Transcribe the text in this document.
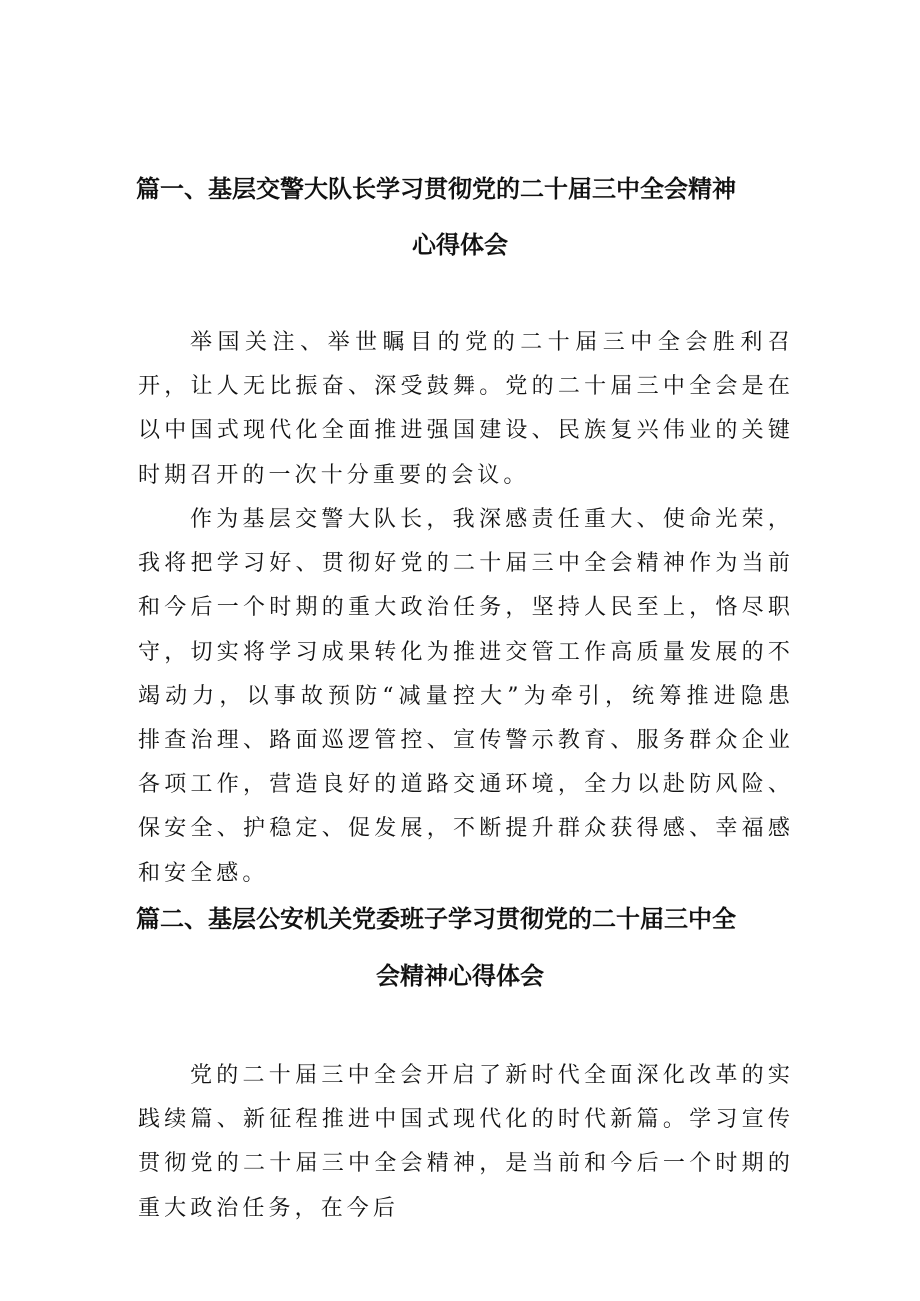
篇一、基层交警大队长学习贯彻党的二十届三中全会精神
心得体会

举国关注、举世瞩目的党的二十届三中全会胜利召开，让人无比振奋、深受鼓舞。党的二十届三中全会是在以中国式现代化全面推进强国建设、民族复兴伟业的关键时期召开的一次十分重要的会议。

作为基层交警大队长，我深感责任重大、使命光荣，我将把学习好、贯彻好党的二十届三中全会精神作为当前和今后一个时期的重大政治任务，坚持人民至上，恪尽职守，切实将学习成果转化为推进交管工作高质量发展的不竭动力，以事故预防“减量控大”为牵引，统筹推进隐患排查治理、路面巡逻管控、宣传警示教育、服务群众企业各项工作，营造良好的道路交通环境，全力以赴防风险、保安全、护稳定、促发展，不断提升群众获得感、幸福感和安全感。

篇二、基层公安机关党委班子学习贯彻党的二十届三中全
会精神心得体会

党的二十届三中全会开启了新时代全面深化改革的实践续篇、新征程推进中国式现代化的时代新篇。学习宣传贯彻党的二十届三中全会精神，是当前和今后一个时期的重大政治任务，在今后
